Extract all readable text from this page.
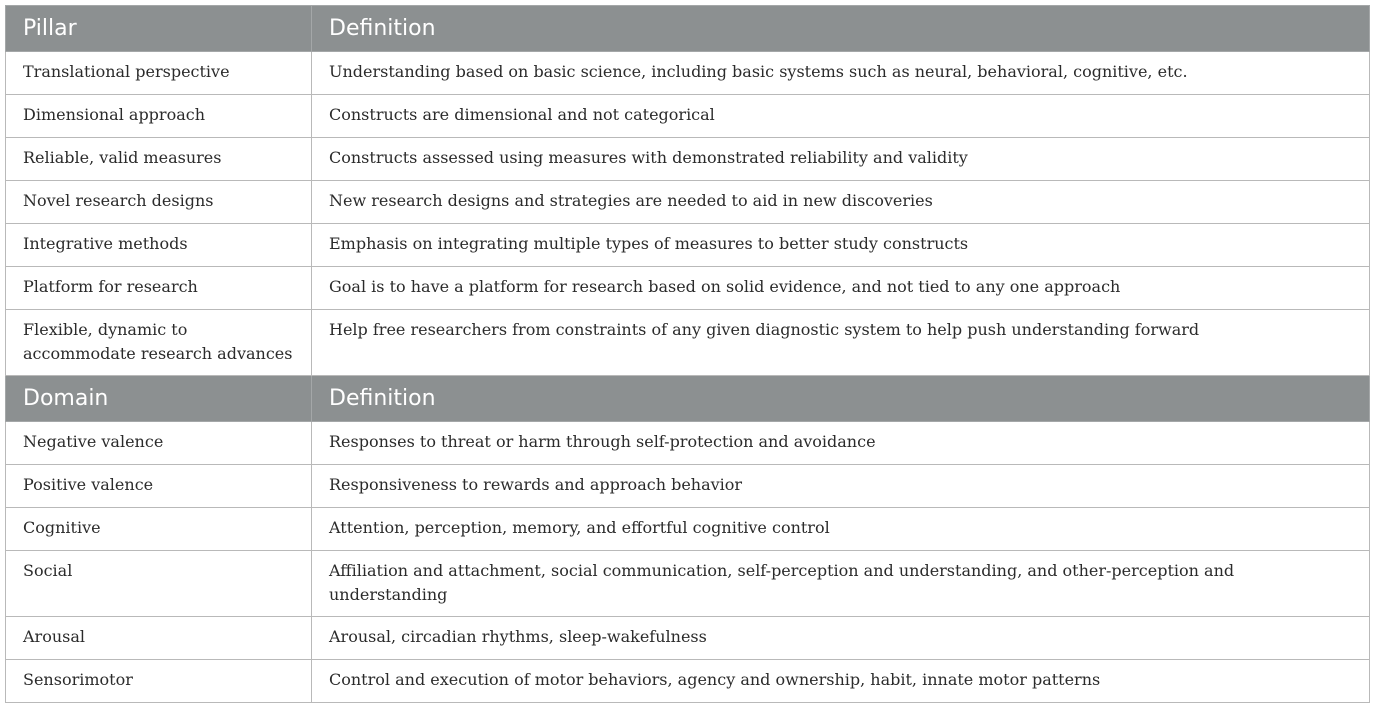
Pillar	Definition
Translational perspective	Understanding based on basic science, including basic systems such as neural, behavioral, cognitive, etc.
Dimensional approach	Constructs are dimensional and not categorical
Reliable, valid measures	Constructs assessed using measures with demonstrated reliability and validity
Novel research designs	New research designs and strategies are needed to aid in new discoveries
Integrative methods	Emphasis on integrating multiple types of measures to better study constructs
Platform for research	Goal is to have a platform for research based on solid evidence, and not tied to any one approach
Flexible, dynamic to accommodate research advances	Help free researchers from constraints of any given diagnostic system to help push understanding forward
Domain	Definition
Negative valence	Responses to threat or harm through self-protection and avoidance
Positive valence	Responsiveness to rewards and approach behavior
Cognitive	Attention, perception, memory, and effortful cognitive control
Social	Affiliation and attachment, social communication, self-perception and understanding, and other-perception and understanding
Arousal	Arousal, circadian rhythms, sleep-wakefulness
Sensorimotor	Control and execution of motor behaviors, agency and ownership, habit, innate motor patterns
